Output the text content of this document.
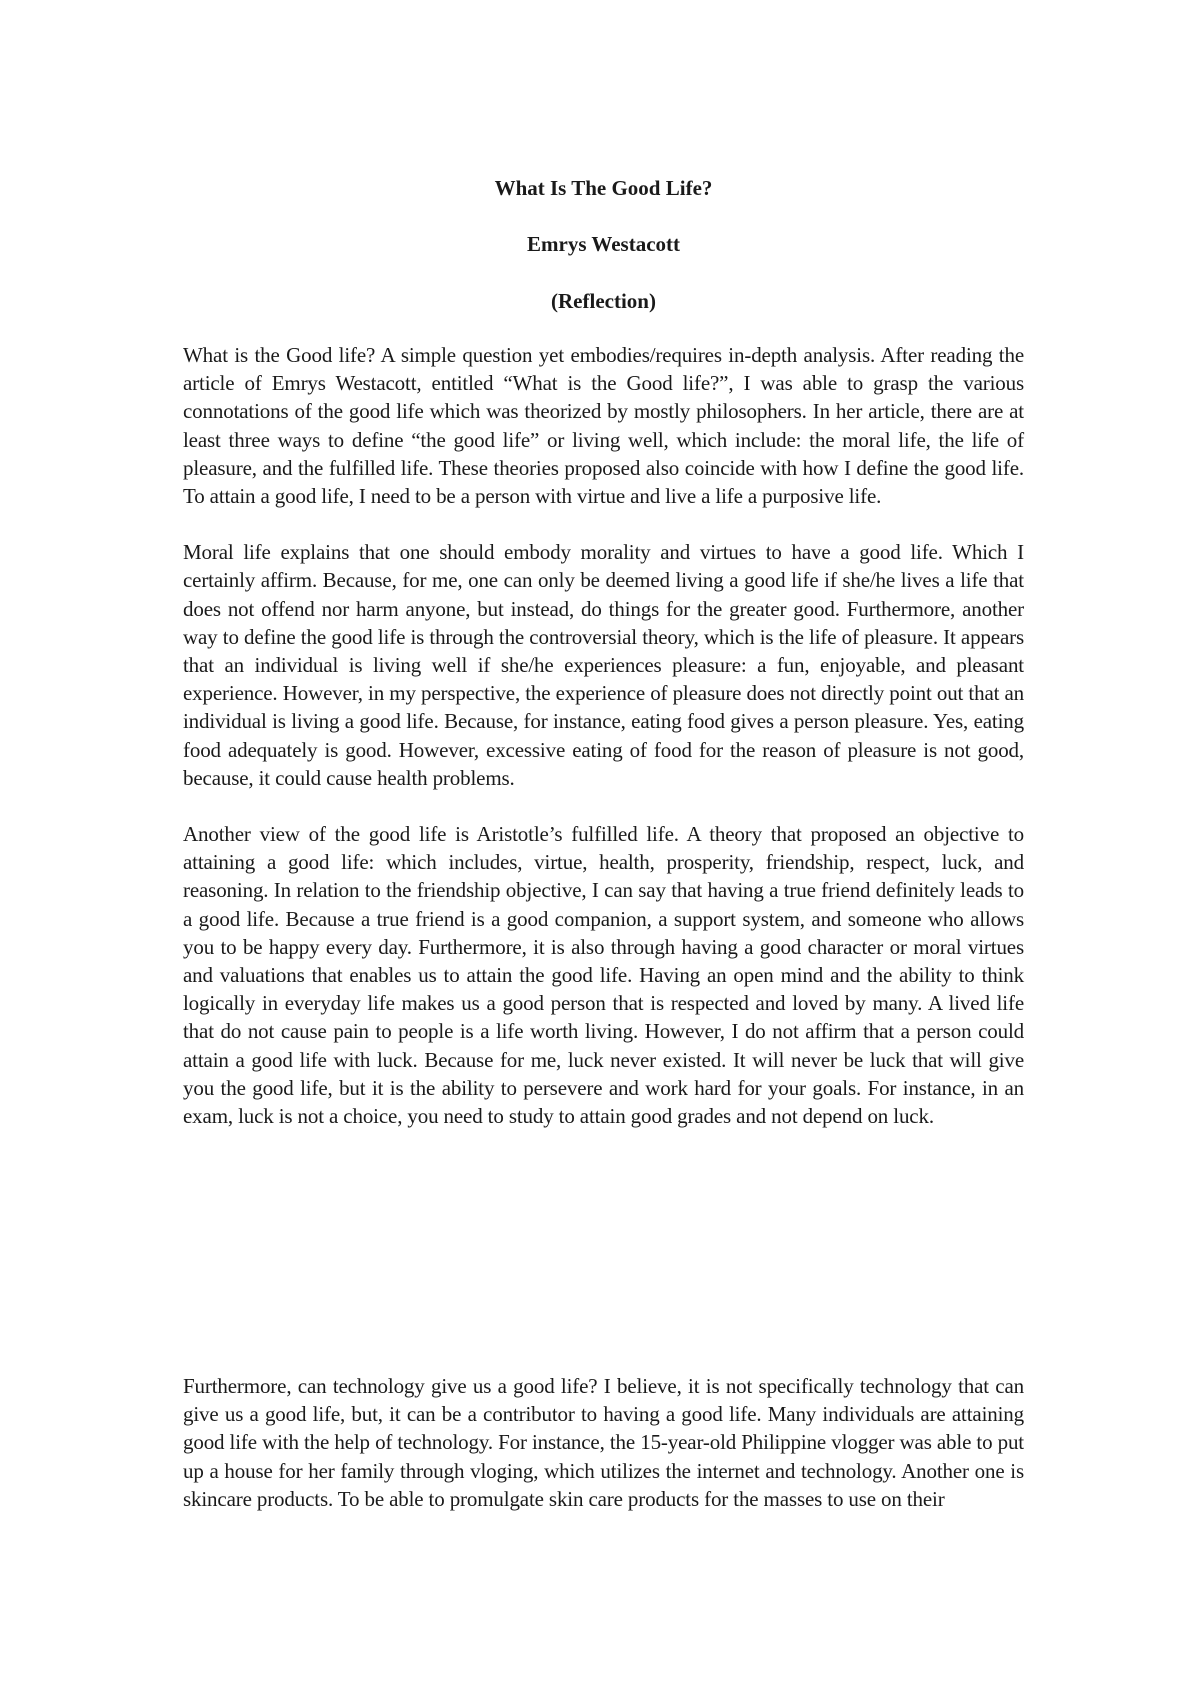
What Is The Good Life?
Emrys Westacott
(Reflection)

What is the Good life? A simple question yet embodies/requires in-depth analysis. After reading the article of Emrys Westacott, entitled “What is the Good life?”, I was able to grasp the various connotations of the good life which was theorized by mostly philosophers. In her article, there are at least three ways to define “the good life” or living well, which include: the moral life, the life of pleasure, and the fulfilled life. These theories proposed also coincide with how I define the good life. To attain a good life, I need to be a person with virtue and live a life a purposive life.

Moral life explains that one should embody morality and virtues to have a good life. Which I certainly affirm. Because, for me, one can only be deemed living a good life if she/he lives a life that does not offend nor harm anyone, but instead, do things for the greater good. Furthermore, another way to define the good life is through the controversial theory, which is the life of pleasure. It appears that an individual is living well if she/he experiences pleasure: a fun, enjoyable, and pleasant experience. However, in my perspective, the experience of pleasure does not directly point out that an individual is living a good life. Because, for instance, eating food gives a person pleasure. Yes, eating food adequately is good. However, excessive eating of food for the reason of pleasure is not good, because, it could cause health problems.

Another view of the good life is Aristotle’s fulfilled life. A theory that proposed an objective to attaining a good life: which includes, virtue, health, prosperity, friendship, respect, luck, and reasoning. In relation to the friendship objective, I can say that having a true friend definitely leads to a good life. Because a true friend is a good companion, a support system, and someone who allows you to be happy every day. Furthermore, it is also through having a good character or moral virtues and valuations that enables us to attain the good life. Having an open mind and the ability to think logically in everyday life makes us a good person that is respected and loved by many. A lived life that do not cause pain to people is a life worth living. However, I do not affirm that a person could attain a good life with luck. Because for me, luck never existed. It will never be luck that will give you the good life, but it is the ability to persevere and work hard for your goals. For instance, in an exam, luck is not a choice, you need to study to attain good grades and not depend on luck.

Furthermore, can technology give us a good life? I believe, it is not specifically technology that can give us a good life, but, it can be a contributor to having a good life. Many individuals are attaining good life with the help of technology. For instance, the 15-year-old Philippine vlogger was able to put up a house for her family through vloging, which utilizes the internet and technology. Another one is skincare products. To be able to promulgate skin care products for the masses to use on their
